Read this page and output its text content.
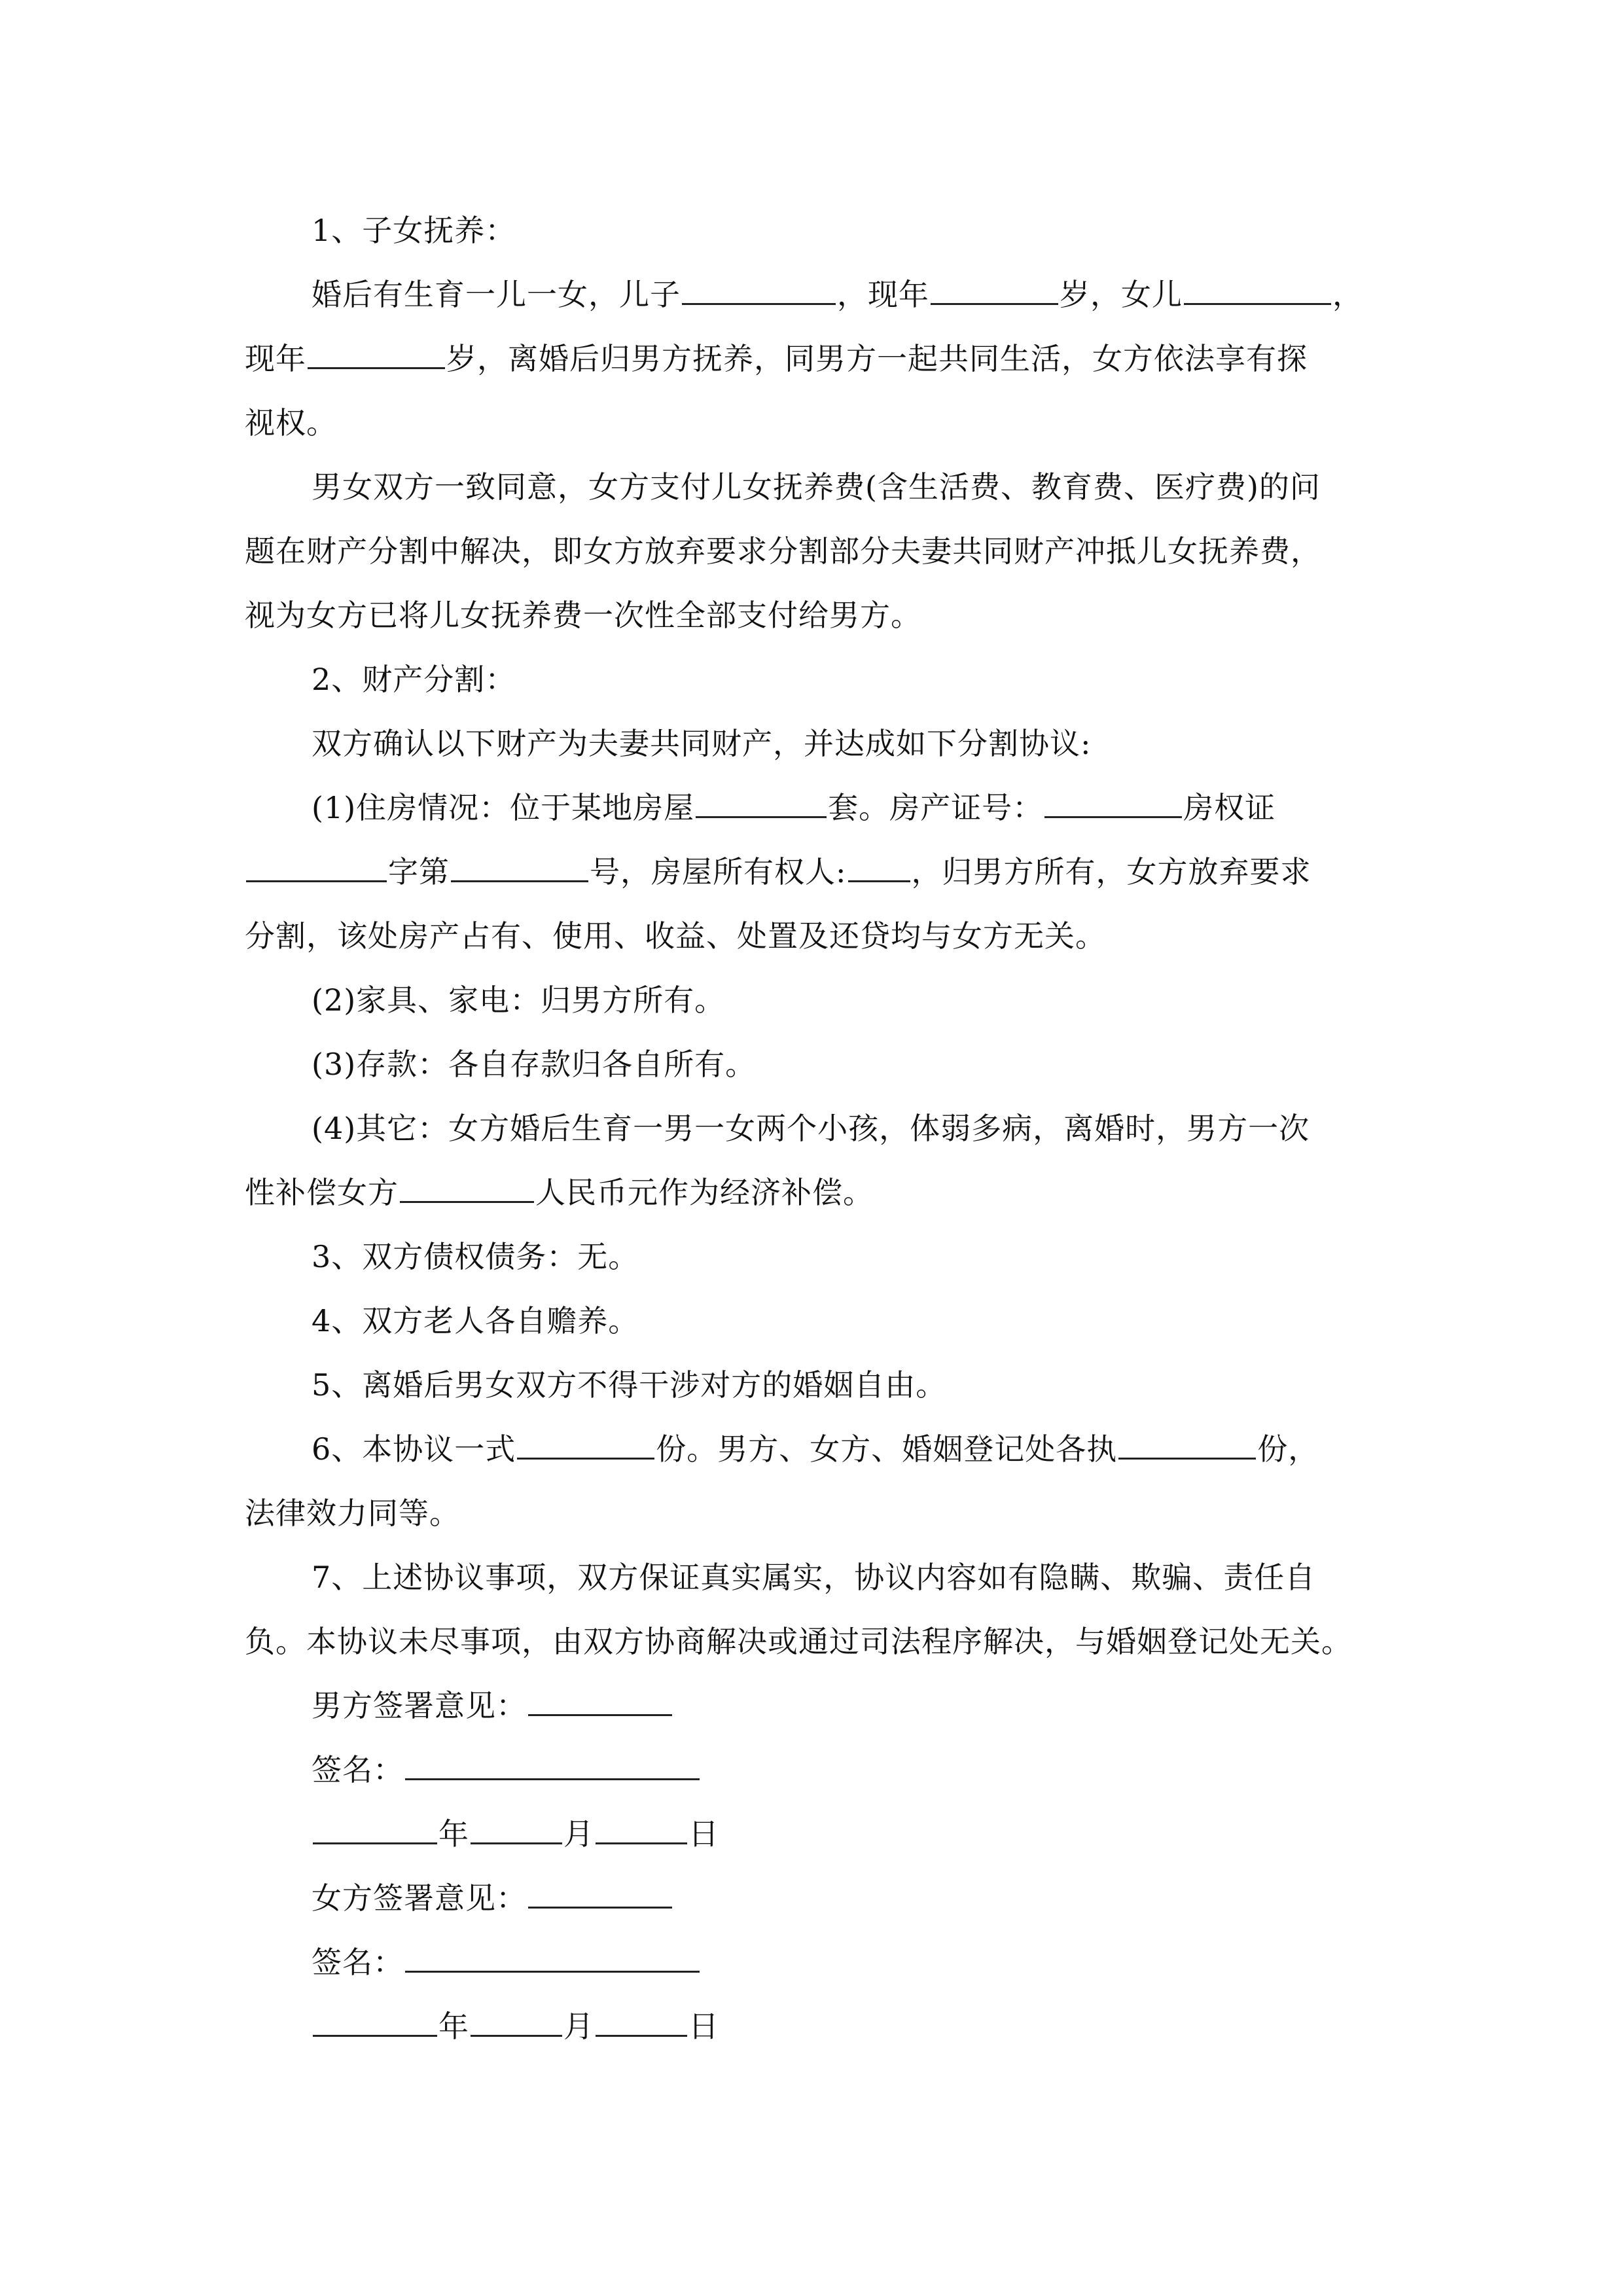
1、子女抚养：
婚后有生育一儿一女，儿子	，现年	岁，女儿	，
现年	岁，离婚后归男方抚养，同男方一起共同生活，女方依法享有探
视权。
男女双方一致同意，女方支付儿女抚养费(含生活费、教育费、医疗费)的问
题在财产分割中解决，即女方放弃要求分割部分夫妻共同财产冲抵儿女抚养费，
视为女方已将儿女抚养费一次性全部支付给男方。
2、财产分割：
双方确认以下财产为夫妻共同财产，并达成如下分割协议:
(1)住房情况：位于某地房屋	套。房产证号：	房权证
字第	号，房屋所有权人: ，归男方所有，女方放弃要求
分割，该处房产占有、使用、收益、处置及还贷均与女方无关。
(2)家具、家电：归男方所有。
(3)存款：各自存款归各自所有。
(4)其它：女方婚后生育一男一女两个小孩，体弱多病，离婚时，男方一次
性补偿女方	人民币元作为经济补偿。
3、双方债权债务：无。
4、双方老人各自赡养。
5、离婚后男女双方不得干涉对方的婚姻自由。
6、本协议一式	份。男方、女方、婚姻登记处各执	份，
法律效力同等。
7、上述协议事项，双方保证真实属实，协议内容如有隐瞒、欺骗、责任自
负。本协议未尽事项，由双方协商解决或通过司法程序解决，与婚姻登记处无关。
男方签署意见：
签名：
年	月	日
女方签署意见：
签名：
年	月	日
